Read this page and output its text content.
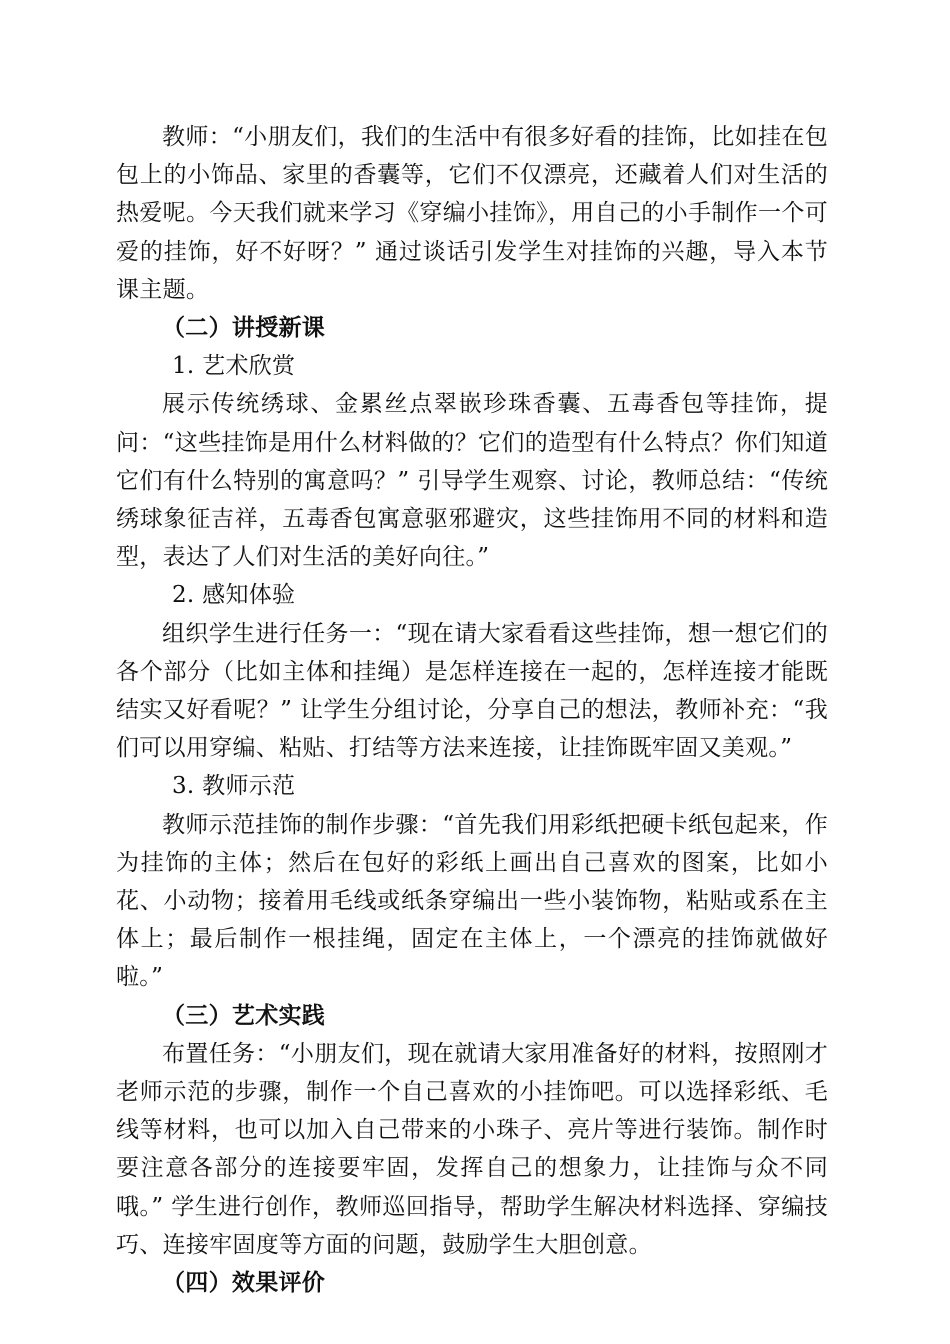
教师：“小朋友们，我们的生活中有很多好看的挂饰，比如挂在包包上的小饰品、家里的香囊等，它们不仅漂亮，还藏着人们对生活的热爱呢。今天我们就来学习《穿编小挂饰》，用自己的小手制作一个可爱的挂饰，好不好呀？” 通过谈话引发学生对挂饰的兴趣，导入本节课主题。

（二）讲授新课

1. 艺术欣赏

展示传统绣球、金累丝点翠嵌珍珠香囊、五毒香包等挂饰，提问：“这些挂饰是用什么材料做的？它们的造型有什么特点？你们知道它们有什么特别的寓意吗？” 引导学生观察、讨论，教师总结：“传统绣球象征吉祥，五毒香包寓意驱邪避灾，这些挂饰用不同的材料和造型，表达了人们对生活的美好向往。”

2. 感知体验

组织学生进行任务一：“现在请大家看看这些挂饰，想一想它们的各个部分（比如主体和挂绳）是怎样连接在一起的，怎样连接才能既结实又好看呢？” 让学生分组讨论，分享自己的想法，教师补充：“我们可以用穿编、粘贴、打结等方法来连接，让挂饰既牢固又美观。”

3. 教师示范

教师示范挂饰的制作步骤：“首先我们用彩纸把硬卡纸包起来，作为挂饰的主体；然后在包好的彩纸上画出自己喜欢的图案，比如小花、小动物；接着用毛线或纸条穿编出一些小装饰物，粘贴或系在主体上；最后制作一根挂绳，固定在主体上，一个漂亮的挂饰就做好啦。”

（三）艺术实践

布置任务：“小朋友们，现在就请大家用准备好的材料，按照刚才老师示范的步骤，制作一个自己喜欢的小挂饰吧。可以选择彩纸、毛线等材料，也可以加入自己带来的小珠子、亮片等进行装饰。制作时要注意各部分的连接要牢固，发挥自己的想象力，让挂饰与众不同哦。” 学生进行创作，教师巡回指导，帮助学生解决材料选择、穿编技巧、连接牢固度等方面的问题，鼓励学生大胆创意。

（四）效果评价
